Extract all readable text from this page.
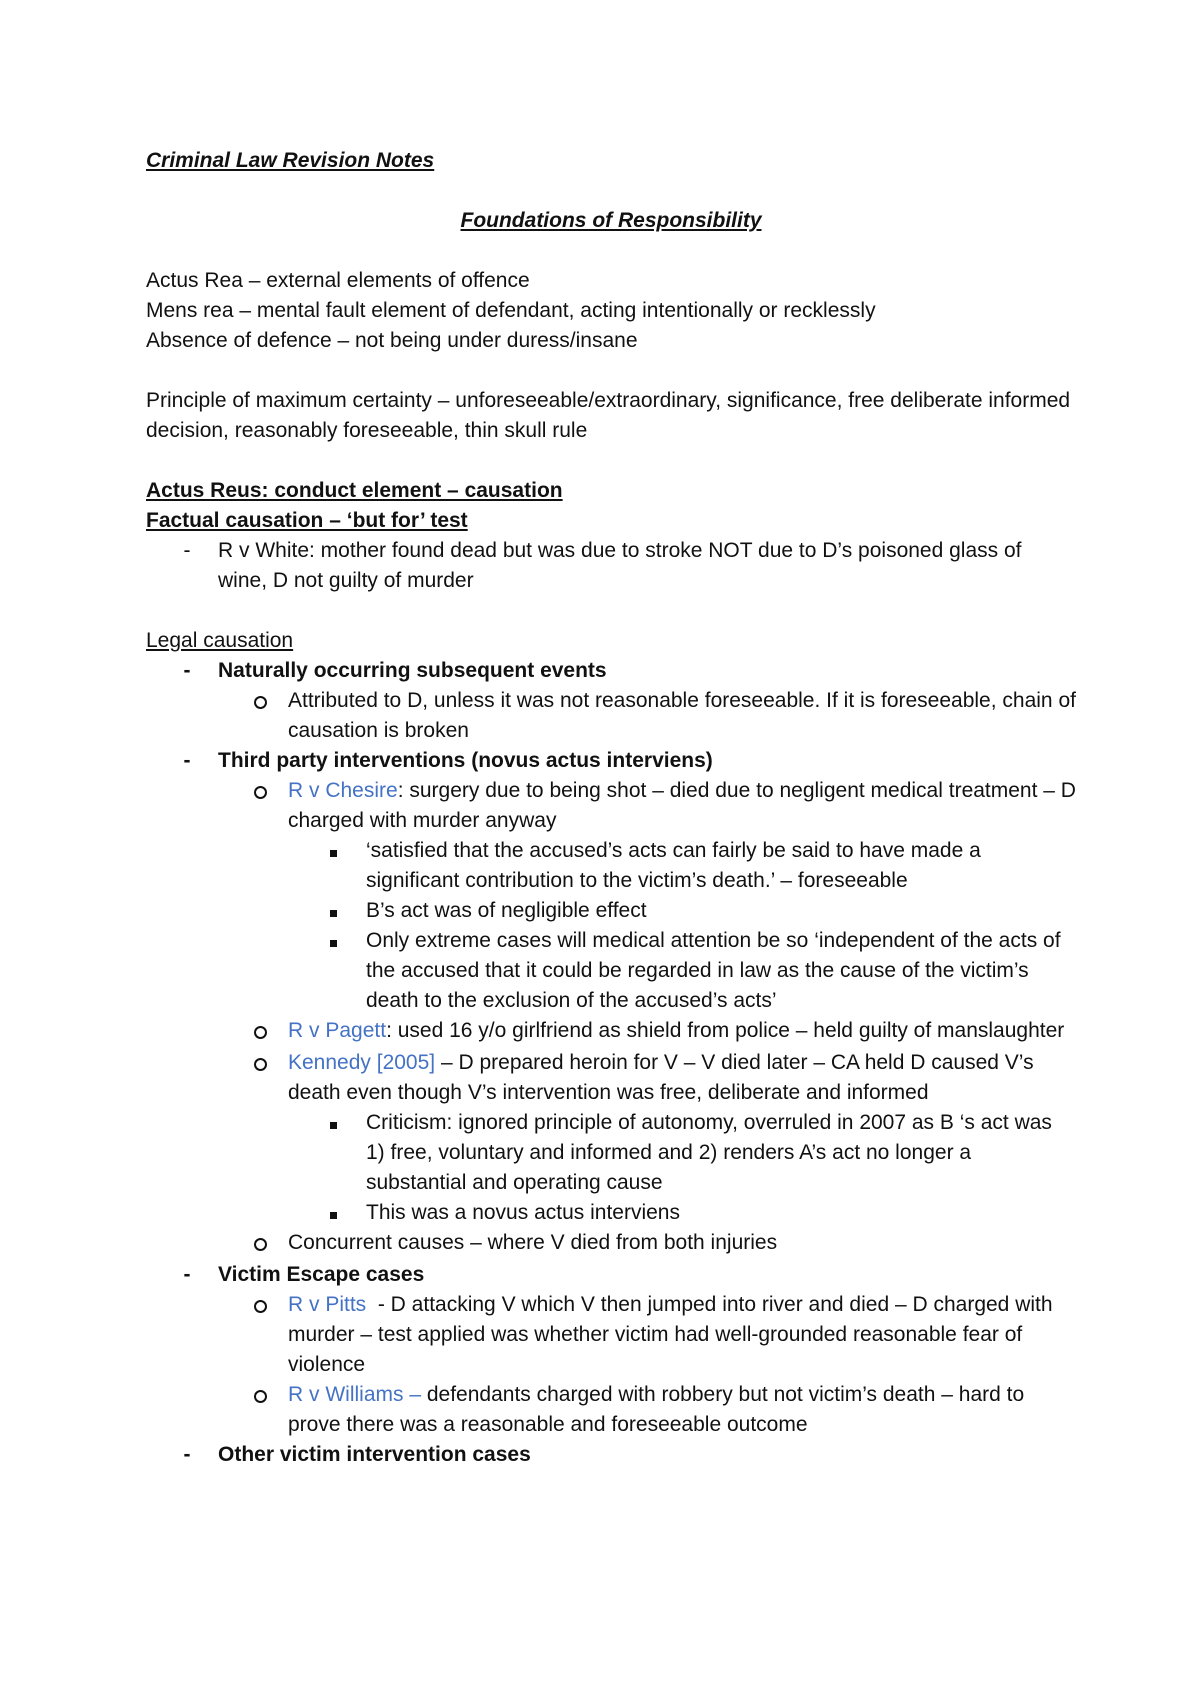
Criminal Law Revision Notes
Foundations of Responsibility
Actus Rea – external elements of offence
Mens rea – mental fault element of defendant, acting intentionally or recklessly
Absence of defence – not being under duress/insane
Principle of maximum certainty – unforeseeable/extraordinary, significance, free deliberate informed decision, reasonably foreseeable, thin skull rule
Actus Reus: conduct element – causation
Factual causation – ‘but for’ test
-	R v White: mother found dead but was due to stroke NOT due to D’s poisoned glass of wine, D not guilty of murder
Legal causation
-	Naturally occurring subsequent events
Attributed to D, unless it was not reasonable foreseeable. If it is foreseeable, chain of causation is broken
-	Third party interventions (novus actus interviens)
R v Chesire: surgery due to being shot – died due to negligent medical treatment – D charged with murder anyway
‘satisfied that the accused’s acts can fairly be said to have made a significant contribution to the victim’s death.’ – foreseeable
B’s act was of negligible effect
Only extreme cases will medical attention be so ‘independent of the acts of the accused that it could be regarded in law as the cause of the victim’s death to the exclusion of the accused’s acts’
R v Pagett: used 16 y/o girlfriend as shield from police – held guilty of manslaughter
Kennedy [2005] – D prepared heroin for V – V died later – CA held D caused V’s death even though V’s intervention was free, deliberate and informed
Criticism: ignored principle of autonomy, overruled in 2007 as B ‘s act was 1) free, voluntary and informed and 2) renders A’s act no longer a substantial and operating cause
This was a novus actus interviens
Concurrent causes – where V died from both injuries
-	Victim Escape cases
R v Pitts  - D attacking V which V then jumped into river and died – D charged with murder – test applied was whether victim had well-grounded reasonable fear of violence
R v Williams – defendants charged with robbery but not victim’s death – hard to prove there was a reasonable and foreseeable outcome
-	Other victim intervention cases
